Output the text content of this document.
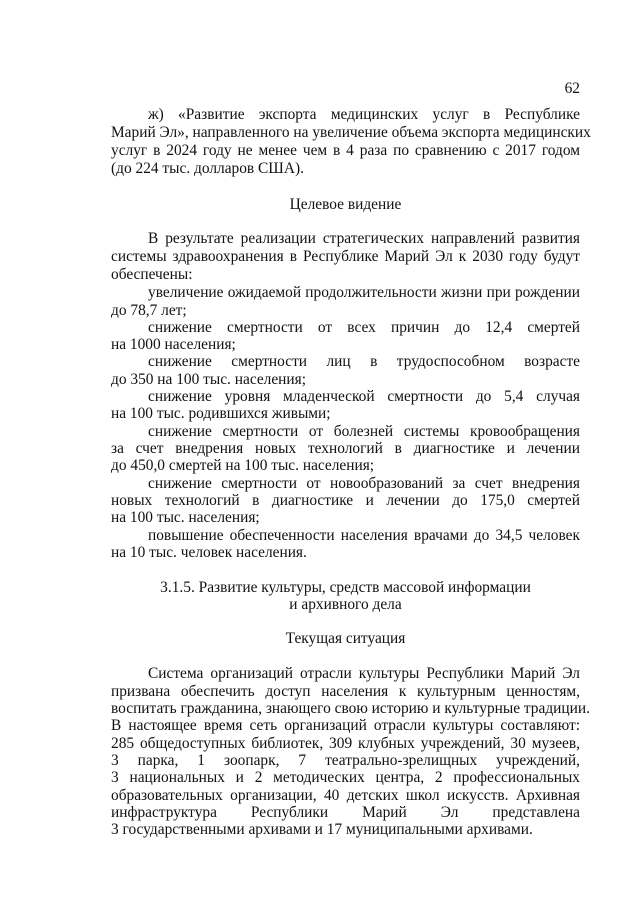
62
ж) «Развитие экспорта медицинских услуг в Республике
Марий Эл», направленного на увеличение объема экспорта медицинских
услуг в 2024 году не менее чем в 4 раза по сравнению с 2017 годом
(до 224 тыс. долларов США).
Целевое видение
В результате реализации стратегических направлений развития
системы здравоохранения в Республике Марий Эл к 2030 году будут
обеспечены:
увеличение ожидаемой продолжительности жизни при рождении
до 78,7 лет;
снижение смертности от всех причин до 12,4 смертей
на 1000 населения;
снижение смертности лиц в трудоспособном возрасте
до 350 на 100 тыс. населения;
снижение уровня младенческой смертности до 5,4 случая
на 100 тыс. родившихся живыми;
снижение смертности от болезней системы кровообращения
за счет внедрения новых технологий в диагностике и лечении
до 450,0 смертей на 100 тыс. населения;
снижение смертности от новообразований за счет внедрения
новых технологий в диагностике и лечении до 175,0 смертей
на 100 тыс. населения;
повышение обеспеченности населения врачами до 34,5 человек
на 10 тыс. человек населения.
3.1.5. Развитие культуры, средств массовой информации
и архивного дела
Текущая ситуация
Система организаций отрасли культуры Республики Марий Эл
призвана обеспечить доступ населения к культурным ценностям,
воспитать гражданина, знающего свою историю и культурные традиции.
В настоящее время сеть организаций отрасли культуры составляют:
285 общедоступных библиотек, 309 клубных учреждений, 30 музеев,
3 парка, 1 зоопарк, 7 театрально-зрелищных учреждений,
3 национальных и 2 методических центра, 2 профессиональных
образовательных организации, 40 детских школ искусств. Архивная
инфраструктура Республики Марий Эл представлена
3 государственными архивами и 17 муниципальными архивами.
